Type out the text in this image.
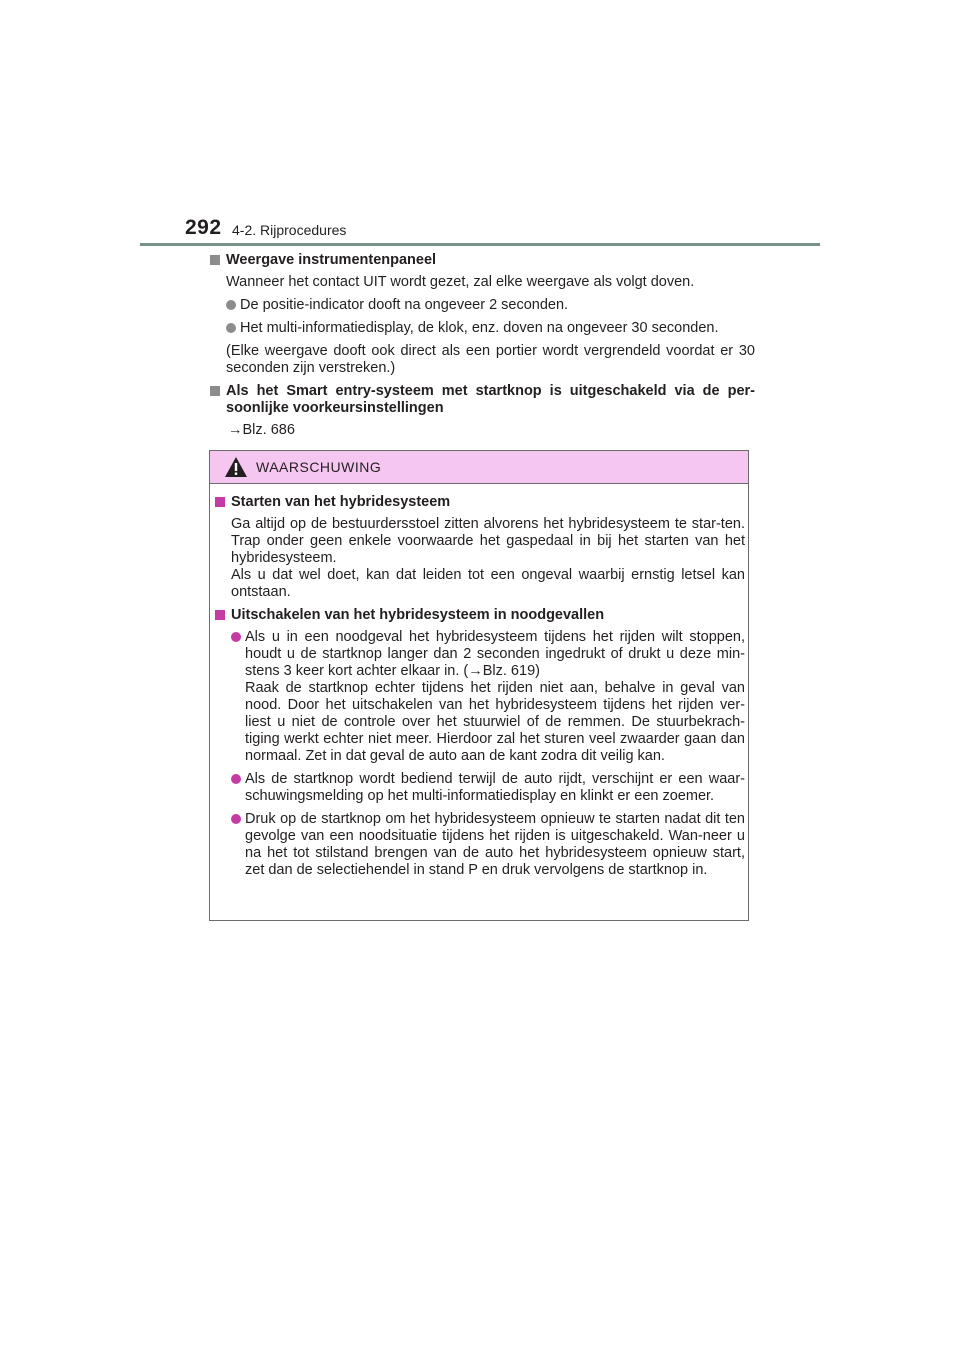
292 4-2. Rijprocedures
Weergave instrumentenpaneel
Wanneer het contact UIT wordt gezet, zal elke weergave als volgt doven.
De positie-indicator dooft na ongeveer 2 seconden.
Het multi-informatiedisplay, de klok, enz. doven na ongeveer 30 seconden.
(Elke weergave dooft ook direct als een portier wordt vergrendeld voordat er 30 seconden zijn verstreken.)
Als het Smart entry-systeem met startknop is uitgeschakeld via de per-soonlijke voorkeursinstellingen
→Blz. 686
WAARSCHUWING
Starten van het hybridesysteem
Ga altijd op de bestuurdersstoel zitten alvorens het hybridesysteem te star-ten. Trap onder geen enkele voorwaarde het gaspedaal in bij het starten van het hybridesysteem.
Als u dat wel doet, kan dat leiden tot een ongeval waarbij ernstig letsel kan ontstaan.
Uitschakelen van het hybridesysteem in noodgevallen
Als u in een noodgeval het hybridesysteem tijdens het rijden wilt stoppen, houdt u de startknop langer dan 2 seconden ingedrukt of drukt u deze min-stens 3 keer kort achter elkaar in. (→Blz. 619)
Raak de startknop echter tijdens het rijden niet aan, behalve in geval van nood. Door het uitschakelen van het hybridesysteem tijdens het rijden ver-liest u niet de controle over het stuurwiel of de remmen. De stuurbekrach-tiging werkt echter niet meer. Hierdoor zal het sturen veel zwaarder gaan dan normaal. Zet in dat geval de auto aan de kant zodra dit veilig kan.
Als de startknop wordt bediend terwijl de auto rijdt, verschijnt er een waar-schuwingsmelding op het multi-informatiedisplay en klinkt er een zoemer.
Druk op de startknop om het hybridesysteem opnieuw te starten nadat dit ten gevolge van een noodsituatie tijdens het rijden is uitgeschakeld. Wan-neer u na het tot stilstand brengen van de auto het hybridesysteem opnieuw start, zet dan de selectiehendel in stand P en druk vervolgens de startknop in.
